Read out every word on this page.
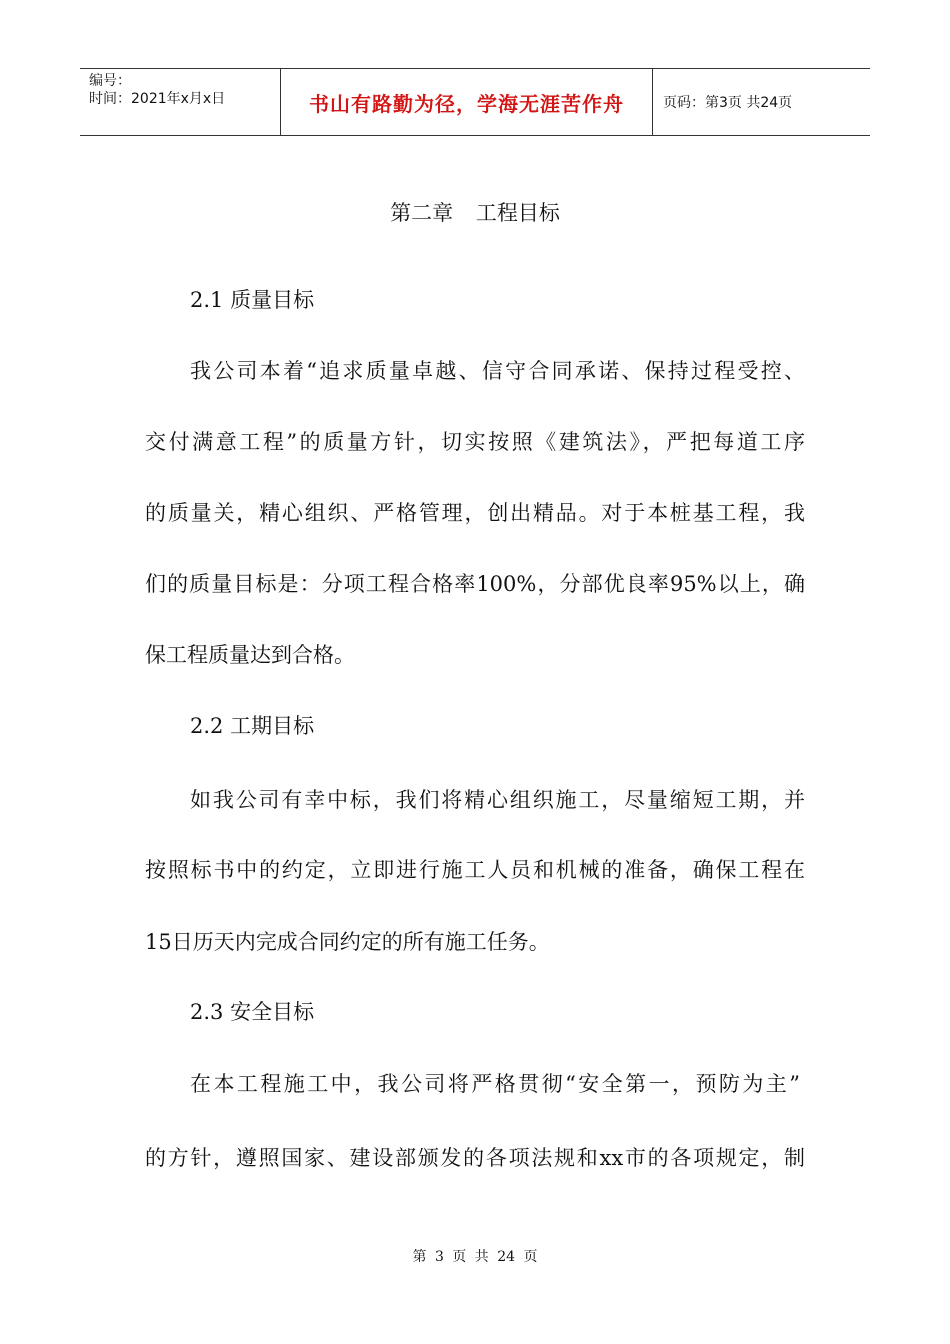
编号：
时间：2021年x月x日	书山有路勤为径，学海无涯苦作舟	页码：第3页 共24页
第二章 工程目标
2.1 质量目标
我公司本着“追求质量卓越、信守合同承诺、保持过程受控、
交付满意工程”的质量方针，切实按照《建筑法》，严把每道工序
的质量关，精心组织、严格管理，创出精品。对于本桩基工程，我
们的质量目标是：分项工程合格率100%，分部优良率95%以上，确
保工程质量达到合格。
2.2 工期目标
如我公司有幸中标，我们将精心组织施工，尽量缩短工期，并
按照标书中的约定，立即进行施工人员和机械的准备，确保工程在
15日历天内完成合同约定的所有施工任务。
2.3 安全目标
在本工程施工中，我公司将严格贯彻“安全第一，预防为主”
的方针，遵照国家、建设部颁发的各项法规和xx市的各项规定，制
第 3 页 共 24 页
